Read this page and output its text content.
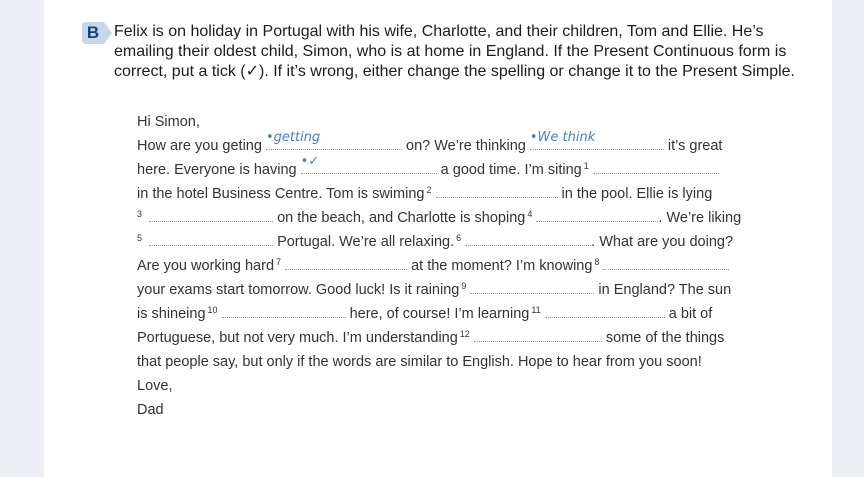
B Felix is on holiday in Portugal with his wife, Charlotte, and their children, Tom and Ellie. He’s emailing their oldest child, Simon, who is at home in England. If the Present Continuous form is correct, put a tick (✓). If it’s wrong, either change the spelling or change it to the Present Simple.
Hi Simon,
How are you geting
•getting
on? We’re thinking
•We think
it’s great
here. Everyone is having
•✓
a good time. I’m siting $^1$
in the hotel Business Centre. Tom is swiming $^2$	in the pool. Ellie is lying
3	on the beach, and Charlotte is shoping $^4$	. We’re liking
5	Portugal. We’re all relaxing. $^6$	. What are you doing?
Are you working hard $^7$	at the moment? I’m knowing $^8$
your exams start tomorrow. Good luck! Is it raining $^9$	in England? The sun
is shineing $^{10}$	here, of course! I’m learning $^{11}$	a bit of
Portuguese, but not very much. I’m understanding $^{12}$	some of the things
that people say, but only if the words are similar to English. Hope to hear from you soon!
Love,
Dad
